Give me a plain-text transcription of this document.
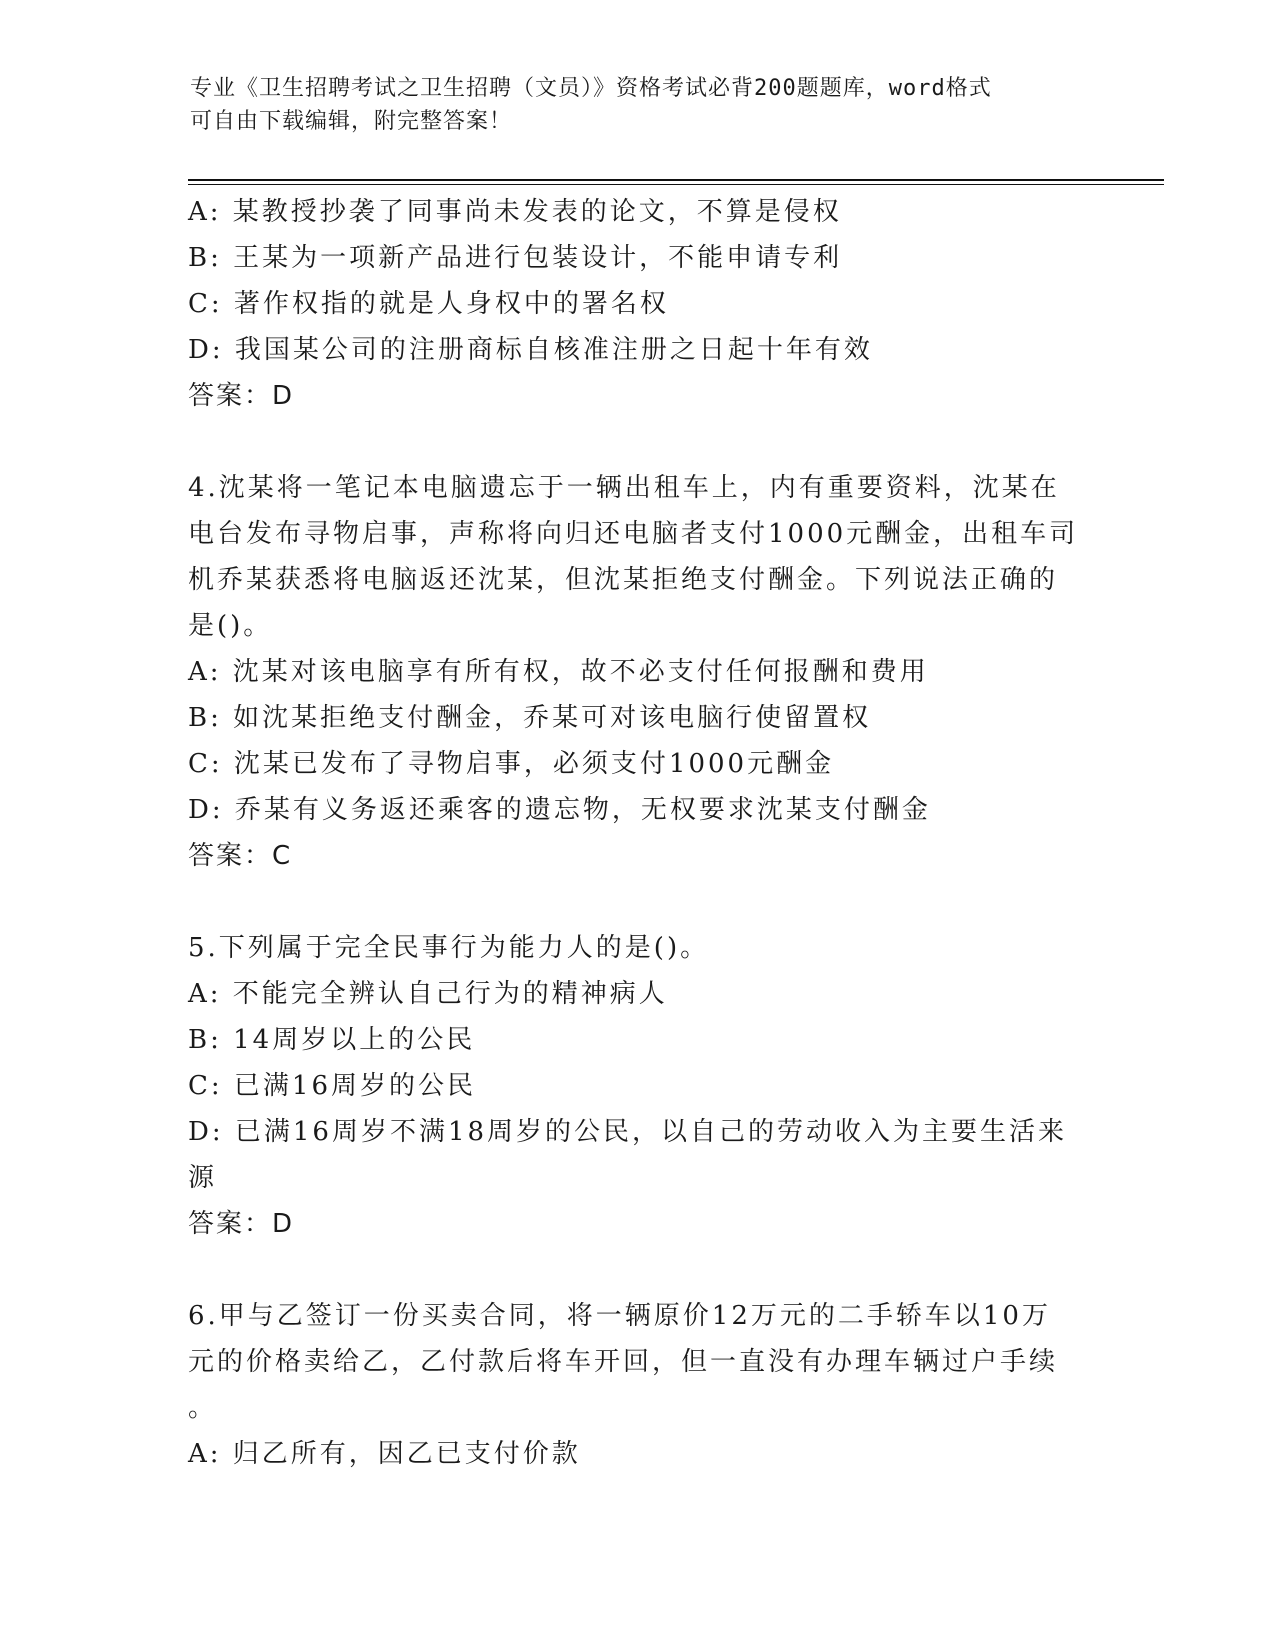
专业《卫生招聘考试之卫生招聘（文员）》资格考试必背200题题库，word格式
可自由下载编辑，附完整答案！

A: 某教授抄袭了同事尚未发表的论文，不算是侵权

B: 王某为一项新产品进行包装设计，不能申请专利

C: 著作权指的就是人身权中的署名权

D: 我国某公司的注册商标自核准注册之日起十年有效

答案：D

4.沈某将一笔记本电脑遗忘于一辆出租车上，内有重要资料，沈某在

电台发布寻物启事，声称将向归还电脑者支付1000元酬金，出租车司

机乔某获悉将电脑返还沈某，但沈某拒绝支付酬金。下列说法正确的

是()。

A: 沈某对该电脑享有所有权，故不必支付任何报酬和费用

B: 如沈某拒绝支付酬金，乔某可对该电脑行使留置权

C: 沈某已发布了寻物启事，必须支付1000元酬金

D: 乔某有义务返还乘客的遗忘物，无权要求沈某支付酬金

答案：C

5.下列属于完全民事行为能力人的是()。

A: 不能完全辨认自己行为的精神病人

B: 14周岁以上的公民

C: 已满16周岁的公民

D: 已满16周岁不满18周岁的公民，以自己的劳动收入为主要生活来

源

答案：D

6.甲与乙签订一份买卖合同，将一辆原价12万元的二手轿车以10万

元的价格卖给乙，乙付款后将车开回，但一直没有办理车辆过户手续

。

A: 归乙所有，因乙已支付价款
